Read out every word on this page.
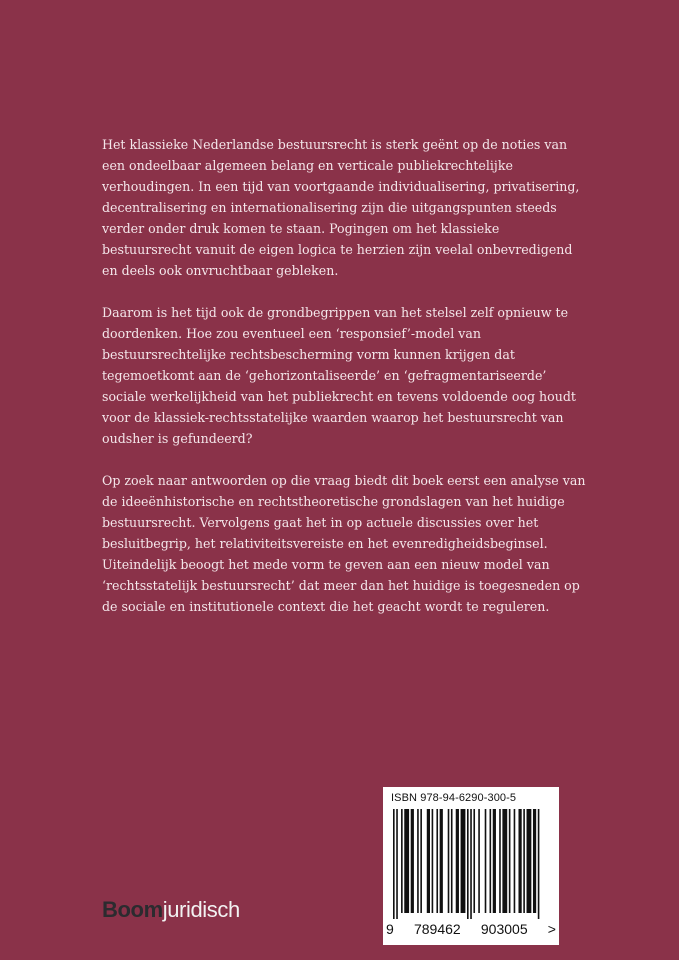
Het klassieke Nederlandse bestuursrecht is sterk geënt op de noties van een ondeelbaar algemeen belang en verticale publiekrechtelijke verhoudingen. In een tijd van voortgaande individualisering, privatisering, decentralisering en internationalisering zijn die uitgangspunten steeds verder onder druk komen te staan. Pogingen om het klassieke bestuursrecht vanuit de eigen logica te herzien zijn veelal onbevredigend en deels ook onvruchtbaar gebleken.

Daarom is het tijd ook de grondbegrippen van het stelsel zelf opnieuw te doordenken. Hoe zou eventueel een ‘responsief’-model van bestuursrechtelijke rechtsbescherming vorm kunnen krijgen dat tegemoetkomt aan de ‘gehorizontaliseerde’ en ‘gefragmentariseerde’ sociale werkelijkheid van het publiekrecht en tevens voldoende oog houdt voor de klassiek-rechtsstatelijke waarden waarop het bestuursrecht van oudsher is gefundeerd?

Op zoek naar antwoorden op die vraag biedt dit boek eerst een analyse van de ideeënhistorische en rechtstheoretische grondslagen van het huidige bestuursrecht. Vervolgens gaat het in op actuele discussies over het besluitbegrip, het relativiteitsvereiste en het evenredigheidsbeginsel. Uiteindelijk beoogt het mede vorm te geven aan een nieuw model van ‘rechtsstatelijk bestuursrecht’ dat meer dan het huidige is toegesneden op de sociale en institutionele context die het geacht wordt te reguleren.

ISBN 978-94-6290-300-5
9 789462 903005 >
Boomjuridisch
